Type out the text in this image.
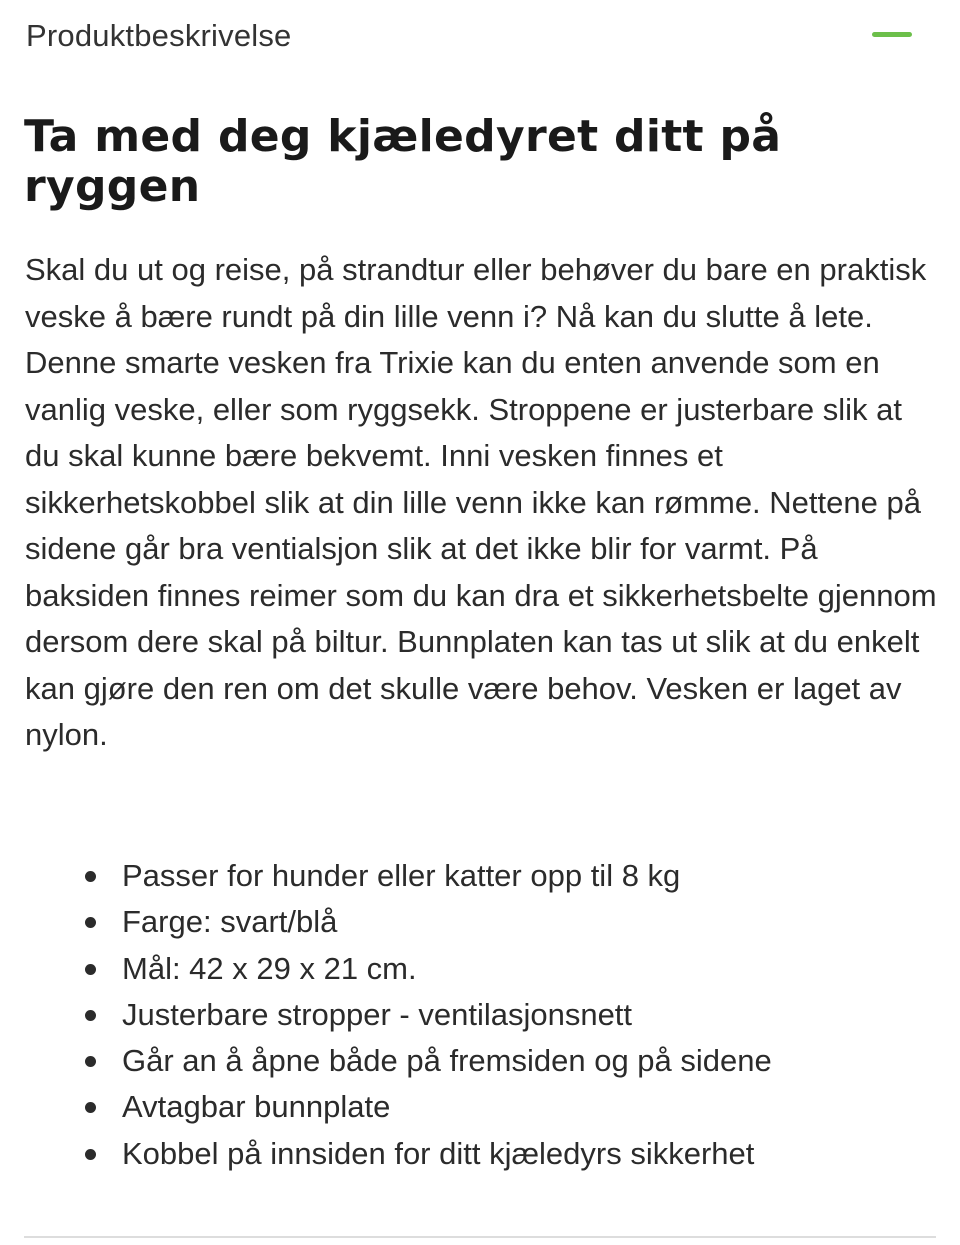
Produktbeskrivelse
Ta med deg kjæledyret ditt på ryggen

Skal du ut og reise, på strandtur eller behøver du bare en praktisk veske å bære rundt på din lille venn i? Nå kan du slutte å lete. Denne smarte vesken fra Trixie kan du enten anvende som en vanlig veske, eller som ryggsekk. Stroppene er justerbare slik at du skal kunne bære bekvemt. Inni vesken finnes et sikkerhetskobbel slik at din lille venn ikke kan rømme. Nettene på sidene går bra ventialsjon slik at det ikke blir for varmt. På baksiden finnes reimer som du kan dra et sikkerhetsbelte gjennom dersom dere skal på biltur. Bunnplaten kan tas ut slik at du enkelt kan gjøre den ren om det skulle være behov. Vesken er laget av nylon.

Passer for hunder eller katter opp til 8 kg
Farge: svart/blå
Mål: 42 x 29 x 21 cm.
Justerbare stropper - ventilasjonsnett
Går an å åpne både på fremsiden og på sidene
Avtagbar bunnplate
Kobbel på innsiden for ditt kjæledyrs sikkerhet
